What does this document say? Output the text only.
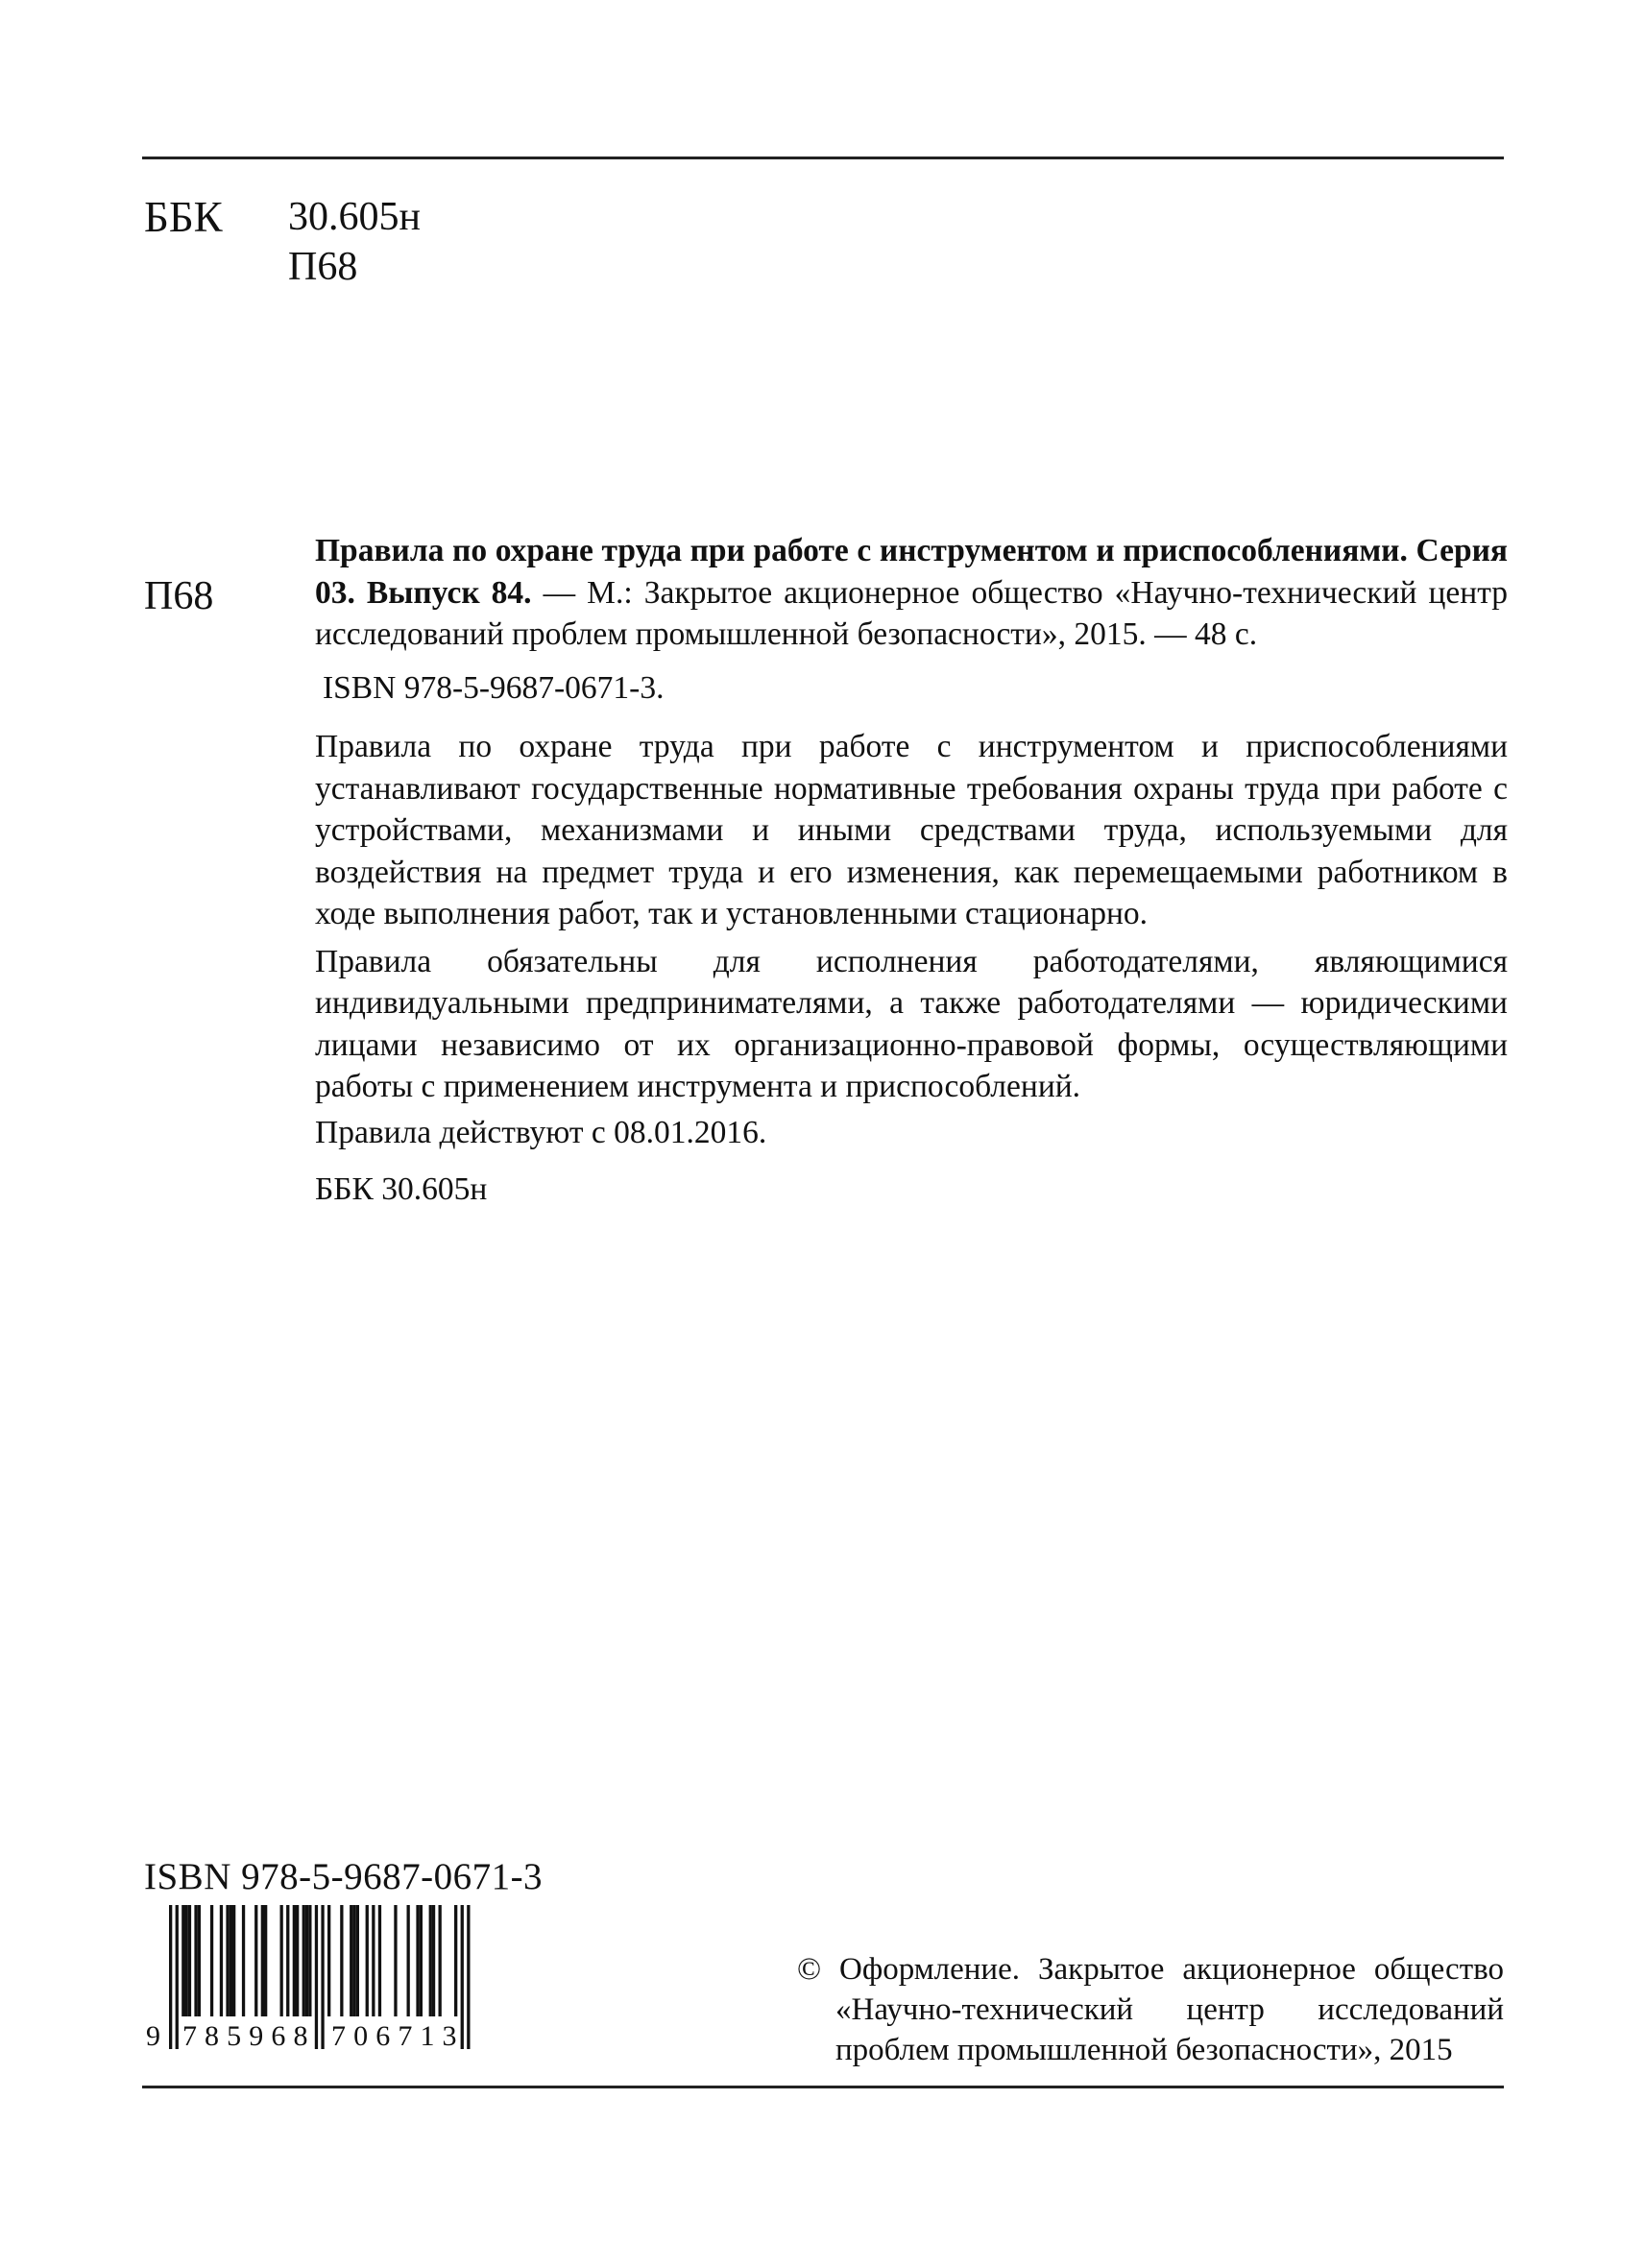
ББК 30.605н
П68
П68

Правила по охране труда при работе с инструментом и приспособлениями. Серия 03. Выпуск 84. — М.: Закрытое акционерное общество «Научно-технический центр исследований проблем промышленной безопасности», 2015. — 48 с.

ISBN 978-5-9687-0671-3.

Правила по охране труда при работе с инструментом и приспособлениями устанавливают государственные нормативные требования охраны труда при работе с устройствами, механизмами и иными средствами труда, используемыми для воздействия на предмет труда и его изменения, как перемещаемыми работником в ходе выполнения работ, так и установленными стационарно.

Правила обязательны для исполнения работодателями, являющимися индивидуальными предпринимателями, а также работодателями — юридическими лицами независимо от их организационно-правовой формы, осуществляющими работы с применением инструмента и приспособлений.

Правила действуют с 08.01.2016.

ББК 30.605н

ISBN 978-5-9687-0671-3
9 7 8 5 9 6 8 7 0 6 7 1 3

© Оформление. Закрытое акционерное общество

«Научно-технический центр исследований

проблем промышленной безопасности», 2015
